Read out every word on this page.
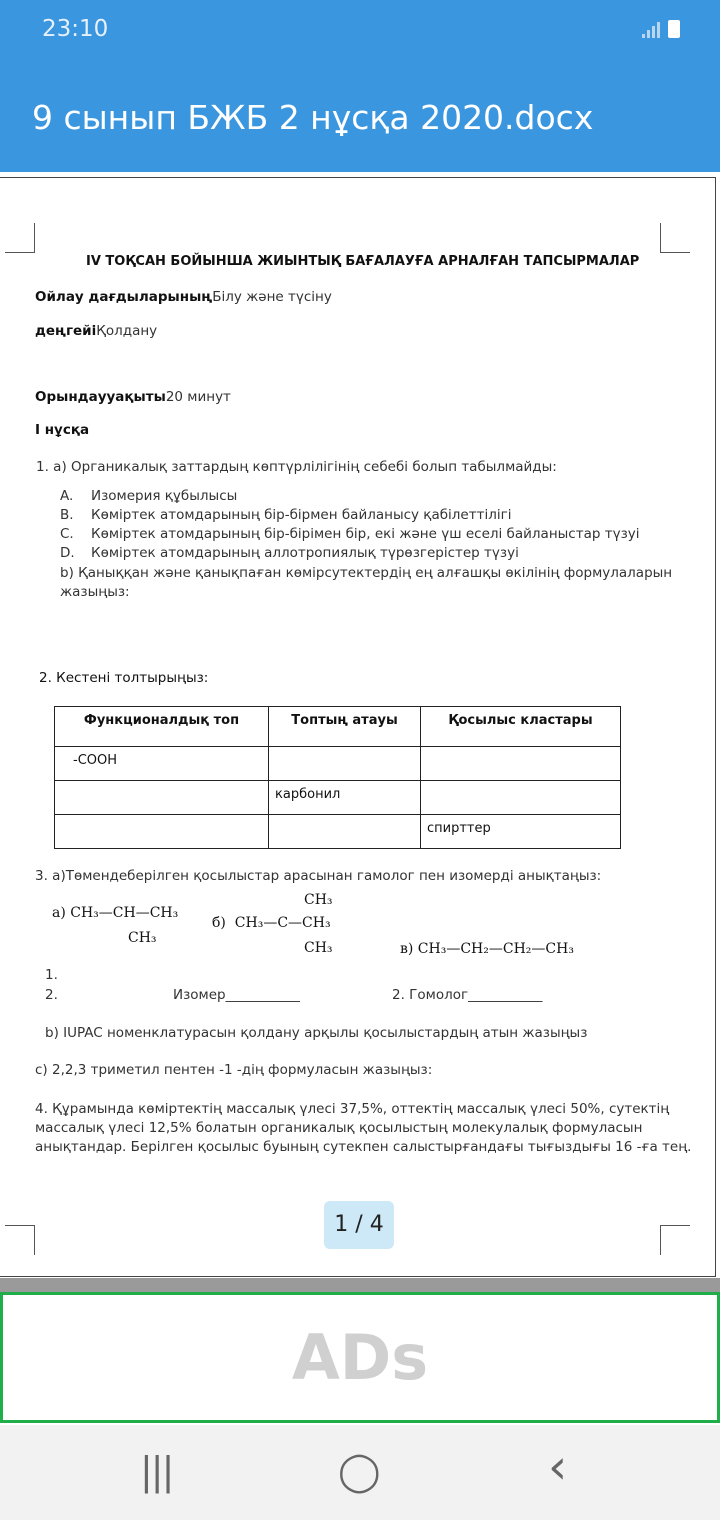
23:10
9 сынып БЖБ 2 нұсқа 2020.docx
IV ТОҚСАН БОЙЫНША ЖИЫНТЫҚ БАҒАЛАУҒА АРНАЛҒАН ТАПСЫРМАЛАР
Ойлау дағдыларыныңБілу және түсіну
деңгейіҚолдану
Орындаууақыты20 минут
I нұсқа
1. а) Органикалық заттардың көптүрлілігінің себебі болып табылмайды:
A. Изомерия құбылысы
B. Көміртек атомдарының бір-бірмен байланысу қабілеттілігі
C. Көміртек атомдарының бір-бірімен бір, екі және үш еселі байланыстар түзуі
D. Көміртек атомдарының аллотропиялық түрөзгерістер түзуі
b) Қаныққан және қанықпаған көмірсутектердің ең алғашқы өкілінің формулаларын
жазыңыз:
2. Кестені толтырыңыз:
Функционалдық топ	Топтың атауы	Қосылыс кластары
-COOH		
	карбонил	
		спирттер
3. а)Төмендеберілген қосылыстар арасынан гамолог пен изомерді анықтаңыз:
а) CH₃—CH—CH₃
CH₃
б) CH₃—C—CH₃
CH₃
CH₃	в) CH₃—CH₂—CH₂—CH₃
1.
2.	Изомер___________	2. Гомолог___________
b) IUPAC номенклатурасын қолдану арқылы қосылыстардың атын жазыңыз
c) 2,2,3 триметил пентен -1 -дің формуласын жазыңыз:
4. Құрамында көміртектің массалық үлесі 37,5%, оттектің массалық үлесі 50%, сутектің
массалық үлесі 12,5% болатын органикалық қосылыстың молекулалық формуласын
анықтандар. Берілген қосылыс буының сутекпен салыстырғандағы тығыздығы 16 -ға тең.
1 / 4
ADs
|||	◯	‹
